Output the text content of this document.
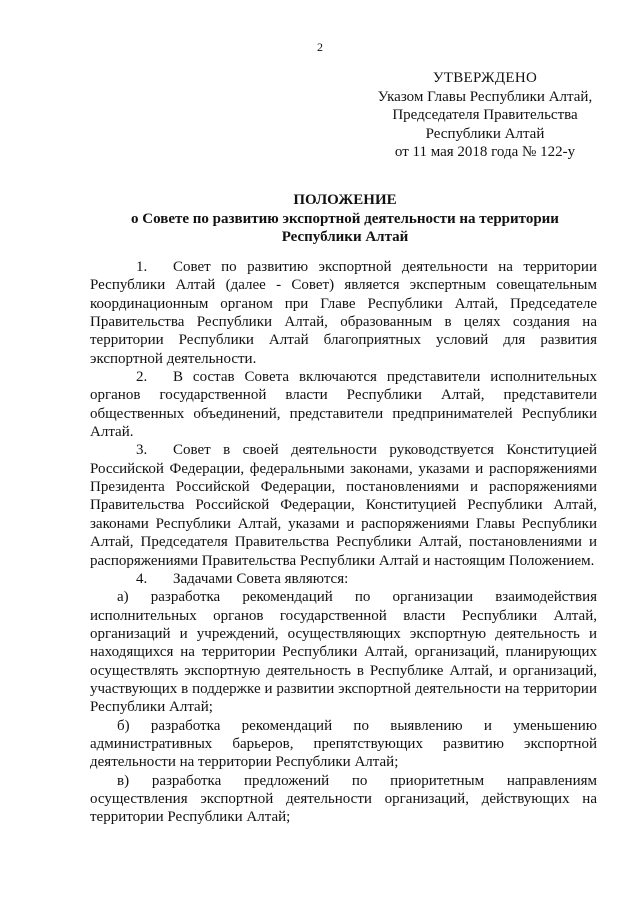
2
УТВЕРЖДЕНО
Указом Главы Республики Алтай,
Председателя Правительства
Республики Алтай
от 11 мая 2018 года № 122-у
ПОЛОЖЕНИЕ
о Совете по развитию экспортной деятельности на территории
Республики Алтай

1. Совет по развитию экспортной деятельности на территории Республики Алтай (далее - Совет) является экспертным совещательным координационным органом при Главе Республики Алтай, Председателе Правительства Республики Алтай, образованным в целях создания на территории Республики Алтай благоприятных условий для развития экспортной деятельности.

2. В состав Совета включаются представители исполнительных органов государственной власти Республики Алтай, представители общественных объединений, представители предпринимателей Республики Алтай.

3. Совет в своей деятельности руководствуется Конституцией Российской Федерации, федеральными законами, указами и распоряжениями Президента Российской Федерации, постановлениями и распоряжениями Правительства Российской Федерации, Конституцией Республики Алтай, законами Республики Алтай, указами и распоряжениями Главы Республики Алтай, Председателя Правительства Республики Алтай, постановлениями и распоряжениями Правительства Республики Алтай и настоящим Положением.

4. Задачами Совета являются:

а) разработка рекомендаций по организации взаимодействия исполнительных органов государственной власти Республики Алтай, организаций и учреждений, осуществляющих экспортную деятельность и находящихся на территории Республики Алтай, организаций, планирующих осуществлять экспортную деятельность в Республике Алтай, и организаций, участвующих в поддержке и развитии экспортной деятельности на территории Республики Алтай;

б) разработка рекомендаций по выявлению и уменьшению административных барьеров, препятствующих развитию экспортной деятельности на территории Республики Алтай;

в) разработка предложений по приоритетным направлениям осуществления экспортной деятельности организаций, действующих на территории Республики Алтай;
